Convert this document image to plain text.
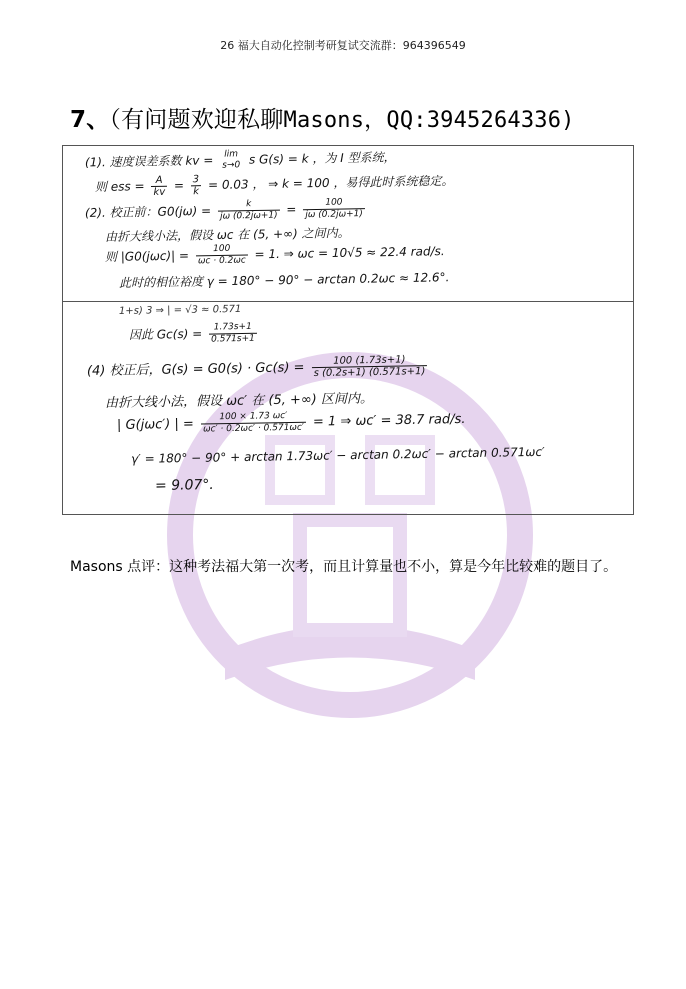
26 福大自动化控制考研复试交流群：964396549
7、（有问题欢迎私聊Masons，QQ:3945264336)
(1). 速度误差系数 kv =	lim
s→0 s G(s) = k ，为 I 型系统，
则 ess = $\frac{A}{kv} = \frac{3}{k} = 0.03$ ， ⇒ k = 100 ，易得此时系统稳定。
(2). 校正前：$G0(j\omega) = \frac{k}{j\omega (0.2j\omega+1)} = \frac{100}{j\omega (0.2j\omega+1)}$
由折大线小法，假设 ωc 在 (5, +∞) 之间内。
则 $|G0(j\omega c)| = \frac{100}{\omega c \cdot 0.2\omega c} = 1$. ⇒ ωc = 10√5 ≈ 22.4 rad/s.
此时的相位裕度 γ = 180° − 90° − arctan 0.2ωc ≈ 12.6°.
1+s) 3 ⇒ | = √3 ≈ 0.571
因此 $Gc(s) = \frac{1.73s+1}{0.571s+1}$
(4) 校正后，$G(s) = G0(s) \cdot Gc(s) = \frac{100 (1.73s+1)}{s (0.2s+1) (0.571s+1)}$
由折大线小法，假设 ωc′ 在 (5, +∞) 区间内。
| G(jωc′) | = $\frac{100 \times 1.73 \omega c'}{\omega c' \cdot 0.2\omega c' \cdot 0.571\omega c'} = 1$ ⇒ ωc′ = 38.7 rad/s.
γ′ = 180° − 90° + arctan 1.73ωc′ − arctan 0.2ωc′ − arctan 0.571ωc′
= 9.07°.
Masons 点评：这种考法福大第一次考，而且计算量也不小，算是今年比较难的题目了。
